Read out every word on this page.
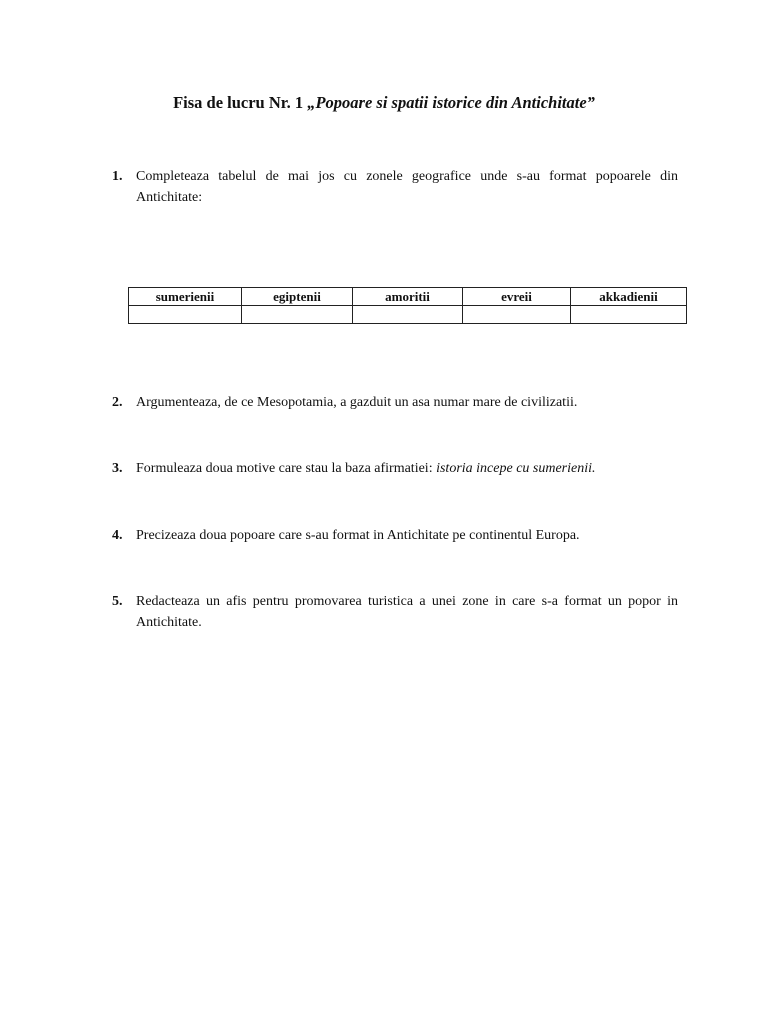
Fisa de lucru Nr. 1 „Popoare si spatii istorice din Antichitate”
1. Completeaza tabelul de mai jos cu zonele geografice unde s-au format popoarele din
Antichitate:
sumerienii	egiptenii	amoritii	evreii	akkadienii

2. Argumenteaza, de ce Mesopotamia, a gazduit un asa numar mare de civilizatii.
3. Formuleaza doua motive care stau la baza afirmatiei: istoria incepe cu sumerienii.
4. Precizeaza doua popoare care s-au format in Antichitate pe continentul Europa.
5. Redacteaza un afis pentru promovarea turistica a unei zone in care s-a format un popor in
Antichitate.
